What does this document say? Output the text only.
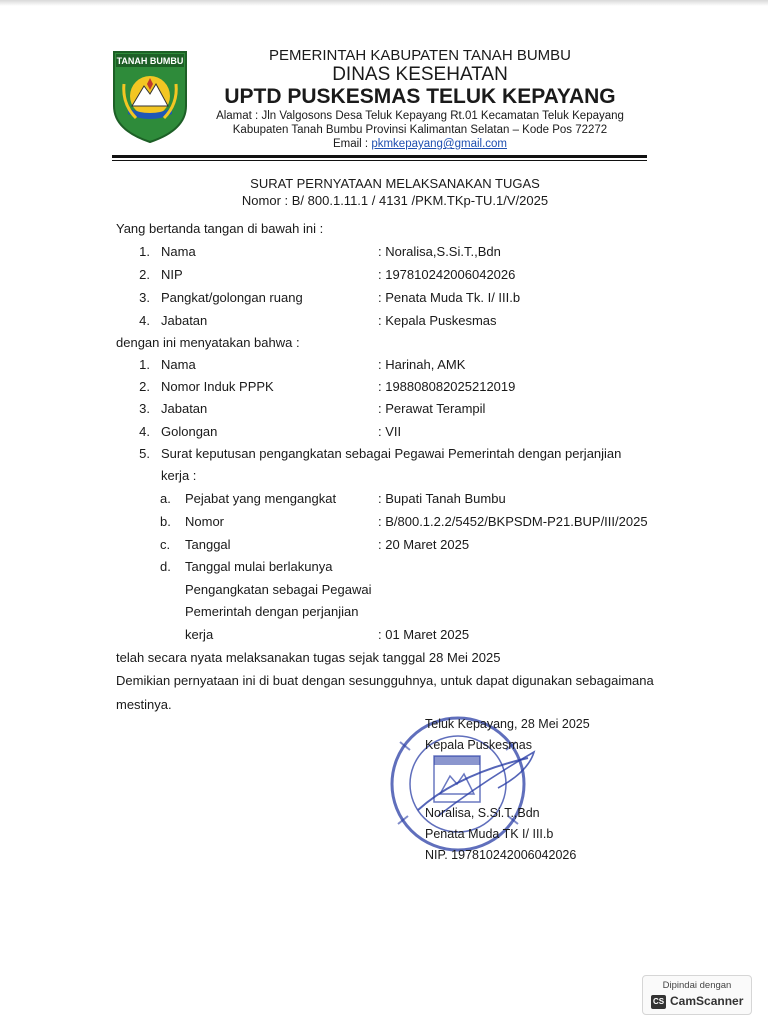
TANAH BUMBU	PEMERINTAH KABUPATEN TANAH BUMBU
DINAS KESEHATAN
UPTD PUSKESMAS TELUK KEPAYANG
Alamat : Jln Valgosons Desa Teluk Kepayang Rt.01 Kecamatan Teluk Kepayang
Kabupaten Tanah Bumbu Provinsi Kalimantan Selatan – Kode Pos 72272
Email : pkmkepayang@gmail.com
SURAT PERNYATAAN MELAKSANAKAN TUGAS
Nomor : B/ 800.1.11.1 / 4131 /PKM.TKp-TU.1/V/2025
Yang bertanda tangan di bawah ini :
1. Nama	: Noralisa,S.Si.T.,Bdn
2. NIP	: 197810242006042026
3. Pangkat/golongan ruang	: Penata Muda Tk. I/ III.b
4. Jabatan	: Kepala Puskesmas
dengan ini menyatakan bahwa :
1. Nama	: Harinah, AMK
2. Nomor Induk PPPK	: 198808082025212019
3. Jabatan	: Perawat Terampil
4. Golongan	: VII
5. Surat keputusan pengangkatan sebagai Pegawai Pemerintah dengan perjanjian
kerja :
a. Pejabat yang mengangkat	: Bupati Tanah Bumbu
b. Nomor	: B/800.1.2.2/5452/BKPSDM-P21.BUP/III/2025
c. Tanggal	: 20 Maret 2025
d. Tanggal mulai berlakunya
Pengangkatan sebagai Pegawai
Pemerintah dengan perjanjian
kerja	: 01 Maret 2025
telah secara nyata melaksanakan tugas sejak tanggal 28 Mei 2025
Demikian pernyataan ini di buat dengan sesungguhnya, untuk dapat digunakan sebagaimana
mestinya.
Teluk Kepayang, 28 Mei 2025
Kepala Puskesmas
Noralisa, S.Si.T.,Bdn
Penata Muda TK I/ III.b
NIP. 197810242006042026
Dipindai dengan
CS CamScanner
